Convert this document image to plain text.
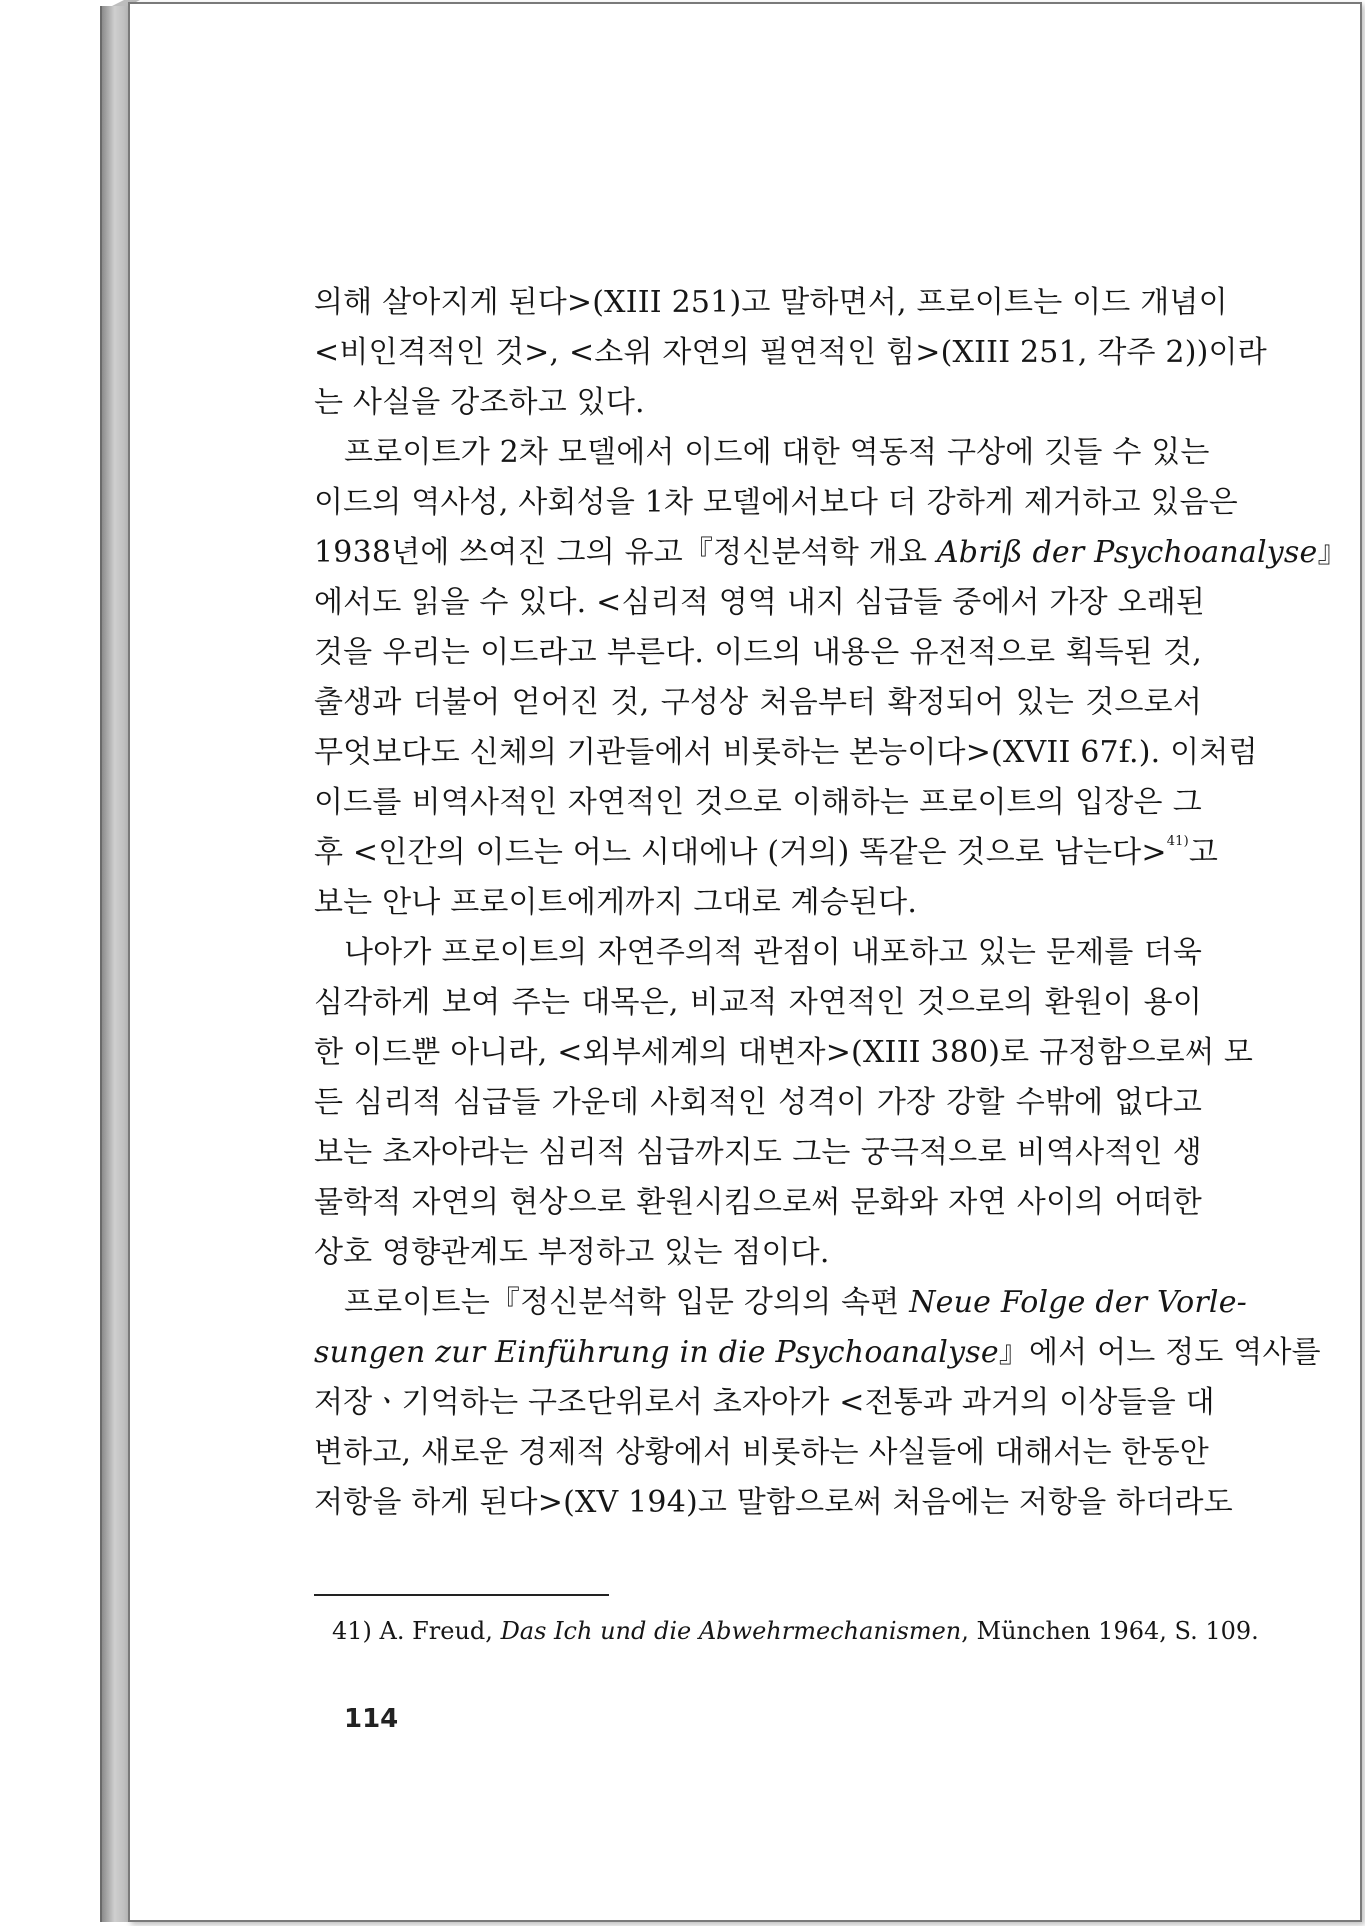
의해 살아지게 된다>(XIII 251)고 말하면서, 프로이트는 이드 개념이
<비인격적인 것>, <소위 자연의 필연적인 힘>(XIII 251, 각주 2))이라
는 사실을 강조하고 있다.
프로이트가 2차 모델에서 이드에 대한 역동적 구상에 깃들 수 있는
이드의 역사성, 사회성을 1차 모델에서보다 더 강하게 제거하고 있음은
1938년에 쓰여진 그의 유고『정신분석학 개요 Abriß der Psychoanalyse』
에서도 읽을 수 있다. <심리적 영역 내지 심급들 중에서 가장 오래된
것을 우리는 이드라고 부른다. 이드의 내용은 유전적으로 획득된 것,
출생과 더불어 얻어진 것, 구성상 처음부터 확정되어 있는 것으로서
무엇보다도 신체의 기관들에서 비롯하는 본능이다>(XVII 67f.). 이처럼
이드를 비역사적인 자연적인 것으로 이해하는 프로이트의 입장은 그
후 <인간의 이드는 어느 시대에나 (거의) 똑같은 것으로 남는다>$^{41)}$고
보는 안나 프로이트에게까지 그대로 계승된다.
나아가 프로이트의 자연주의적 관점이 내포하고 있는 문제를 더욱
심각하게 보여 주는 대목은, 비교적 자연적인 것으로의 환원이 용이
한 이드뿐 아니라, <외부세계의 대변자>(XIII 380)로 규정함으로써 모
든 심리적 심급들 가운데 사회적인 성격이 가장 강할 수밖에 없다고
보는 초자아라는 심리적 심급까지도 그는 궁극적으로 비역사적인 생
물학적 자연의 현상으로 환원시킴으로써 문화와 자연 사이의 어떠한
상호 영향관계도 부정하고 있는 점이다.
프로이트는『정신분석학 입문 강의의 속편 Neue Folge der Vorle-
sungen zur Einführung in die Psychoanalyse』에서 어느 정도 역사를
저장ㆍ기억하는 구조단위로서 초자아가 <전통과 과거의 이상들을 대
변하고, 새로운 경제적 상황에서 비롯하는 사실들에 대해서는 한동안
저항을 하게 된다>(XV 194)고 말함으로써 처음에는 저항을 하더라도
41) A. Freud, Das Ich und die Abwehrmechanismen, München 1964, S. 109.
114
